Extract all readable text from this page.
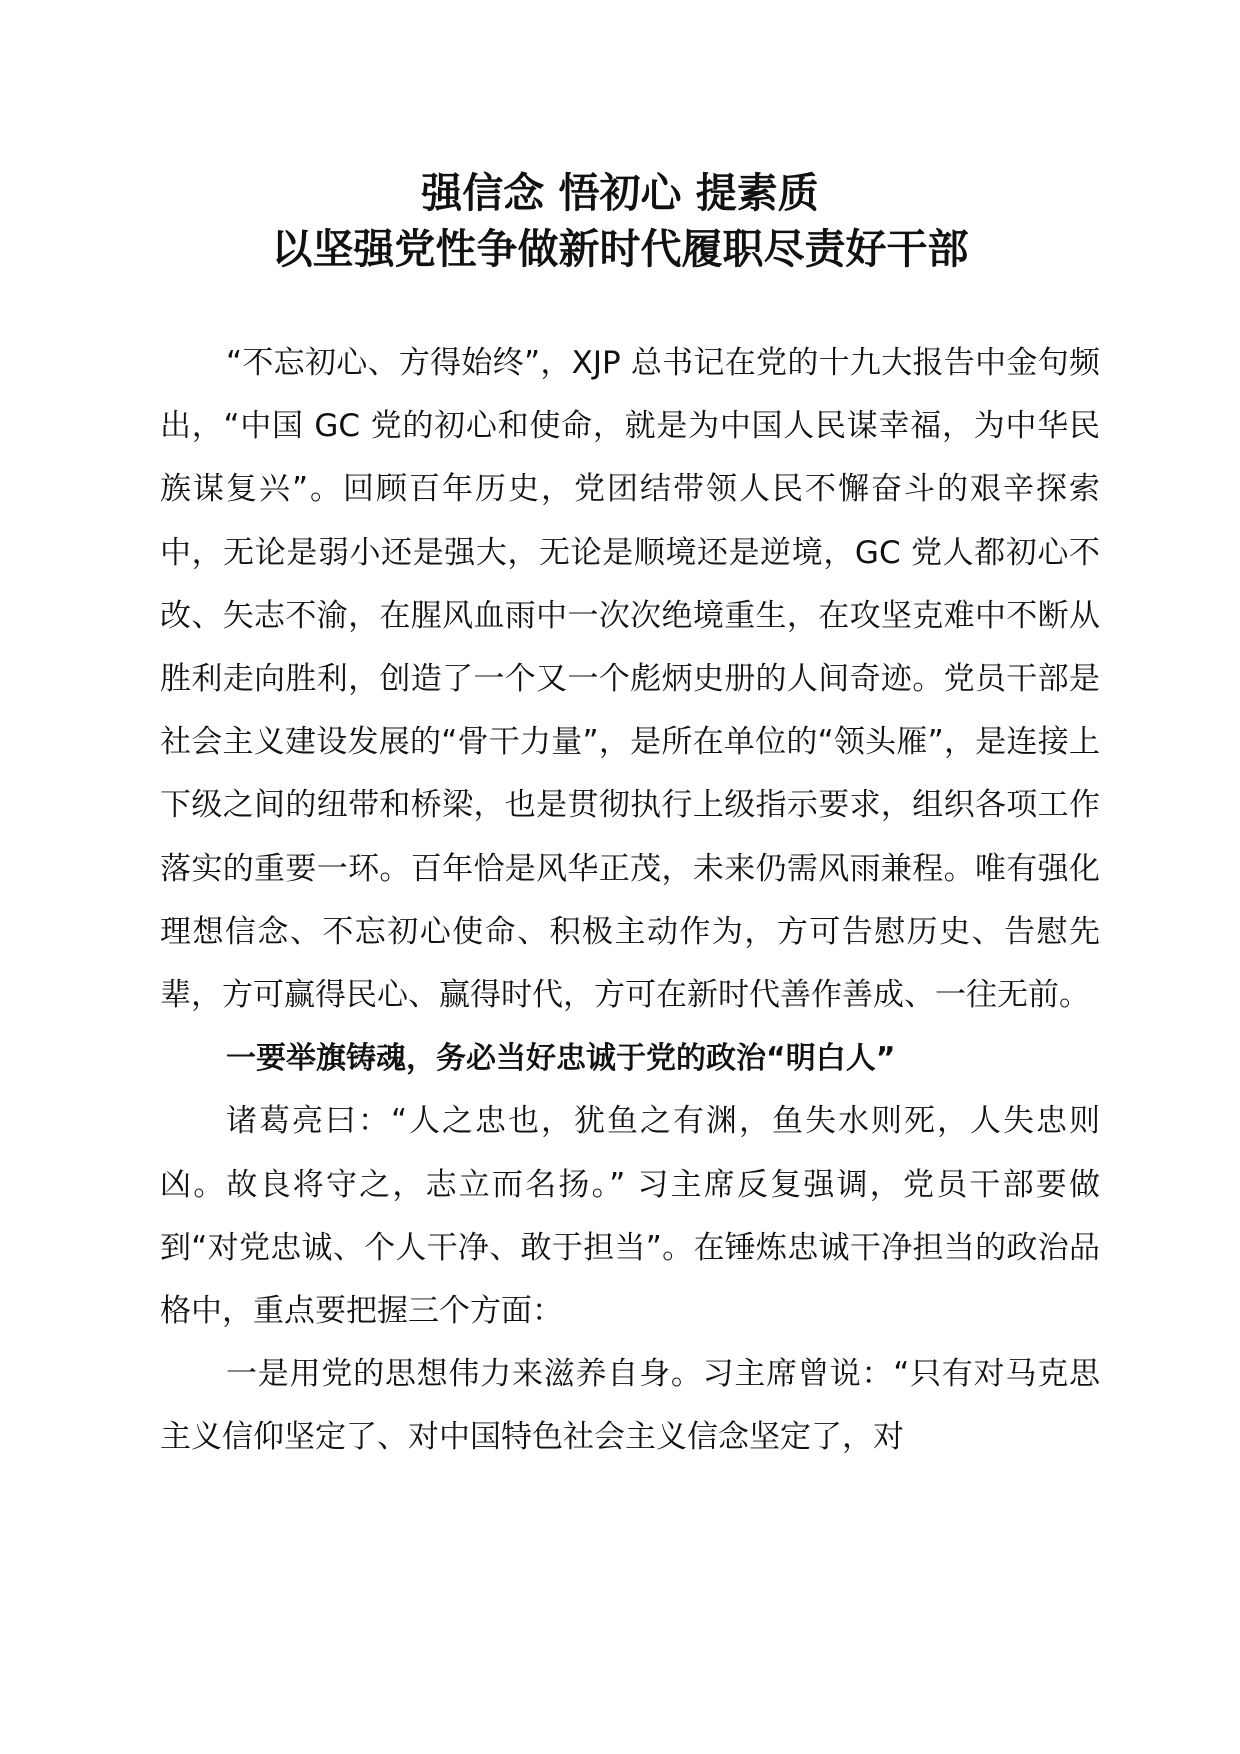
强信念 悟初心 提素质
以坚强党性争做新时代履职尽责好干部

“不忘初心、方得始终”，XJP 总书记在党的十九大报告中金句频出，“中国 GC 党的初心和使命，就是为中国人民谋幸福，为中华民族谋复兴”。回顾百年历史，党团结带领人民不懈奋斗的艰辛探索中，无论是弱小还是强大，无论是顺境还是逆境，GC 党人都初心不改、矢志不渝，在腥风血雨中一次次绝境重生，在攻坚克难中不断从胜利走向胜利，创造了一个又一个彪炳史册的人间奇迹。党员干部是社会主义建设发展的“骨干力量”，是所在单位的“领头雁”，是连接上下级之间的纽带和桥梁，也是贯彻执行上级指示要求，组织各项工作落实的重要一环。百年恰是风华正茂，未来仍需风雨兼程。唯有强化理想信念、不忘初心使命、积极主动作为，方可告慰历史、告慰先辈，方可赢得民心、赢得时代，方可在新时代善作善成、一往无前。

一要举旗铸魂，务必当好忠诚于党的政治“明白人”

诸葛亮曰：“人之忠也，犹鱼之有渊，鱼失水则死，人失忠则凶。故良将守之，志立而名扬。” 习主席反复强调，党员干部要做到“对党忠诚、个人干净、敢于担当”。在锤炼忠诚干净担当的政治品格中，重点要把握三个方面：

一是用党的思想伟力来滋养自身。习主席曾说：“只有对马克思主义信仰坚定了、对中国特色社会主义信念坚定了，对
